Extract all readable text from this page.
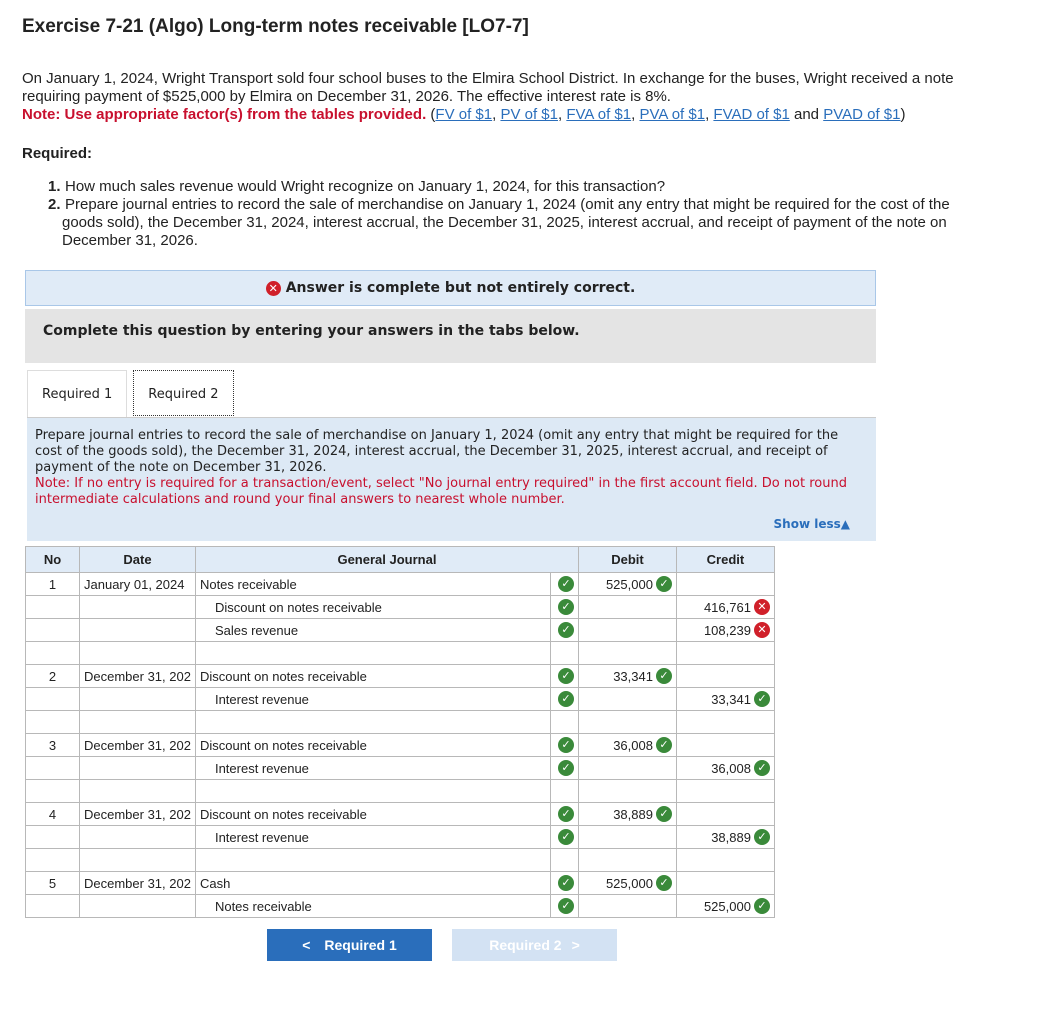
Exercise 7-21 (Algo) Long-term notes receivable [LO7-7]
On January 1, 2024, Wright Transport sold four school buses to the Elmira School District. In exchange for the buses, Wright received a note requiring payment of $525,000 by Elmira on December 31, 2026. The effective interest rate is 8%.
Note: Use appropriate factor(s) from the tables provided. (FV of $1, PV of $1, FVA of $1, PVA of $1, FVAD of $1 and PVAD of $1)
Required:
1. How much sales revenue would Wright recognize on January 1, 2024, for this transaction?
2. Prepare journal entries to record the sale of merchandise on January 1, 2024 (omit any entry that might be required for the cost of the goods sold), the December 31, 2024, interest accrual, the December 31, 2025, interest accrual, and receipt of payment of the note on December 31, 2026.
✕ Answer is complete but not entirely correct.
Complete this question by entering your answers in the tabs below.
Required 1	Required 2
Prepare journal entries to record the sale of merchandise on January 1, 2024 (omit any entry that might be required for the cost of the goods sold), the December 31, 2024, interest accrual, the December 31, 2025, interest accrual, and receipt of payment of the note on December 31, 2026.
Note: If no entry is required for a transaction/event, select "No journal entry required" in the first account field. Do not round intermediate calculations and round your final answers to nearest whole number.
Show less▲
No	Date	General Journal		Debit	Credit
1	January 01, 2024	Notes receivable	✓	525,000 ✓	

		Discount on notes receivable	✓		416,761 ✕

		Sales revenue	✓		108,239 ✕

2	December 31, 202	Discount on notes receivable	✓	33,341 ✓	

		Interest revenue	✓		33,341 ✓

3	December 31, 202	Discount on notes receivable	✓	36,008 ✓	

		Interest revenue	✓		36,008 ✓

4	December 31, 202	Discount on notes receivable	✓	38,889 ✓	

		Interest revenue	✓		38,889 ✓

5	December 31, 202	Cash	✓	525,000 ✓	

		Notes receivable	✓		525,000 ✓
< Required 1	Required 2 >
